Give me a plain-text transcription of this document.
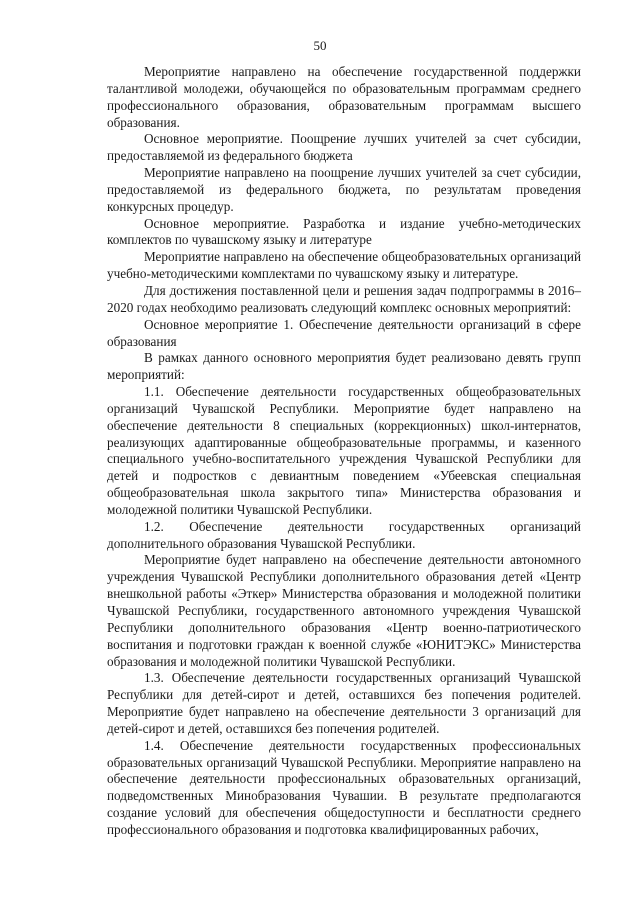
50

Мероприятие направлено на обеспечение государственной поддержки талантливой молодежи, обучающейся по образовательным программам среднего профессионального образования, образовательным программам высшего образования.

Основное мероприятие. Поощрение лучших учителей за счет субсидии, предоставляемой из федерального бюджета

Мероприятие направлено на поощрение лучших учителей за счет субсидии, предоставляемой из федерального бюджета, по результатам проведения конкурсных процедур.

Основное мероприятие. Разработка и издание учебно-методических комплектов по чувашскому языку и литературе

Мероприятие направлено на обеспечение общеобразовательных организаций учебно-методическими комплектами по чувашскому языку и литературе.

Для достижения поставленной цели и решения задач подпрограммы в 2016–2020 годах необходимо реализовать следующий комплекс основных мероприятий:

Основное мероприятие 1. Обеспечение деятельности организаций в сфере образования

В рамках данного основного мероприятия будет реализовано девять групп мероприятий:

1.1. Обеспечение деятельности государственных общеобразовательных организаций Чувашской Республики. Мероприятие будет направлено на обеспечение деятельности 8 специальных (коррекционных) школ-интернатов, реализующих адаптированные общеобразовательные программы, и казенного специального учебно-воспитательного учреждения Чувашской Республики для детей и подростков с девиантным поведением «Убеевская специальная общеобразовательная школа закрытого типа» Министерства образования и молодежной политики Чувашской Республики.

1.2. Обеспечение деятельности государственных организаций дополнительного образования Чувашской Республики.

Мероприятие будет направлено на обеспечение деятельности автономного учреждения Чувашской Республики дополнительного образования детей «Центр внешкольной работы «Эткер» Министерства образования и молодежной политики Чувашской Республики, государственного автономного учреждения Чувашской Республики дополнительного образования «Центр военно-патриотического воспитания и подготовки граждан к военной службе «ЮНИТЭКС» Министерства образования и молодежной политики Чувашской Республики.

1.3. Обеспечение деятельности государственных организаций Чувашской Республики для детей-сирот и детей, оставшихся без попечения родителей. Мероприятие будет направлено на обеспечение деятельности 3 организаций для детей-сирот и детей, оставшихся без попечения родителей.

1.4. Обеспечение деятельности государственных профессиональных образовательных организаций Чувашской Республики. Мероприятие направлено на обеспечение деятельности профессиональных образовательных организаций, подведомственных Минобразования Чувашии. В результате предполагаются создание условий для обеспечения общедоступности и бесплатности среднего профессионального образования и подготовка квалифицированных рабочих,
